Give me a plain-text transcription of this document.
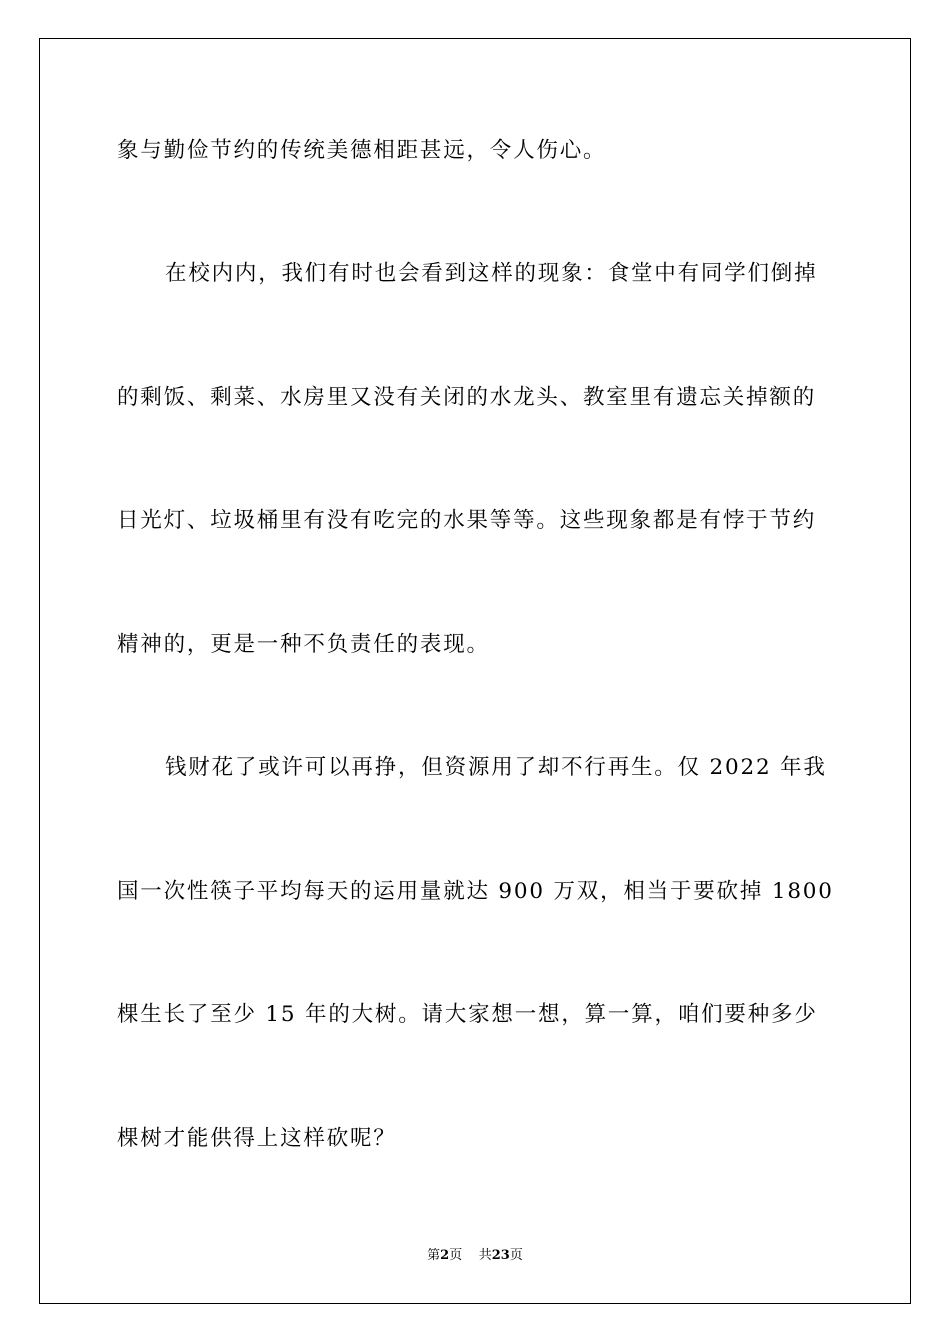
象与勤俭节约的传统美德相距甚远，令人伤心。
在校内内，我们有时也会看到这样的现象：食堂中有同学们倒掉
的剩饭、剩菜、水房里又没有关闭的水龙头、教室里有遗忘关掉额的
日光灯、垃圾桶里有没有吃完的水果等等。这些现象都是有悖于节约
精神的，更是一种不负责任的表现。
钱财花了或许可以再挣，但资源用了却不行再生。仅 2022 年我
国一次性筷子平均每天的运用量就达 900 万双，相当于要砍掉 1800
棵生长了至少 15 年的大树。请大家想一想，算一算，咱们要种多少
棵树才能供得上这样砍呢？
第2页 共23页
